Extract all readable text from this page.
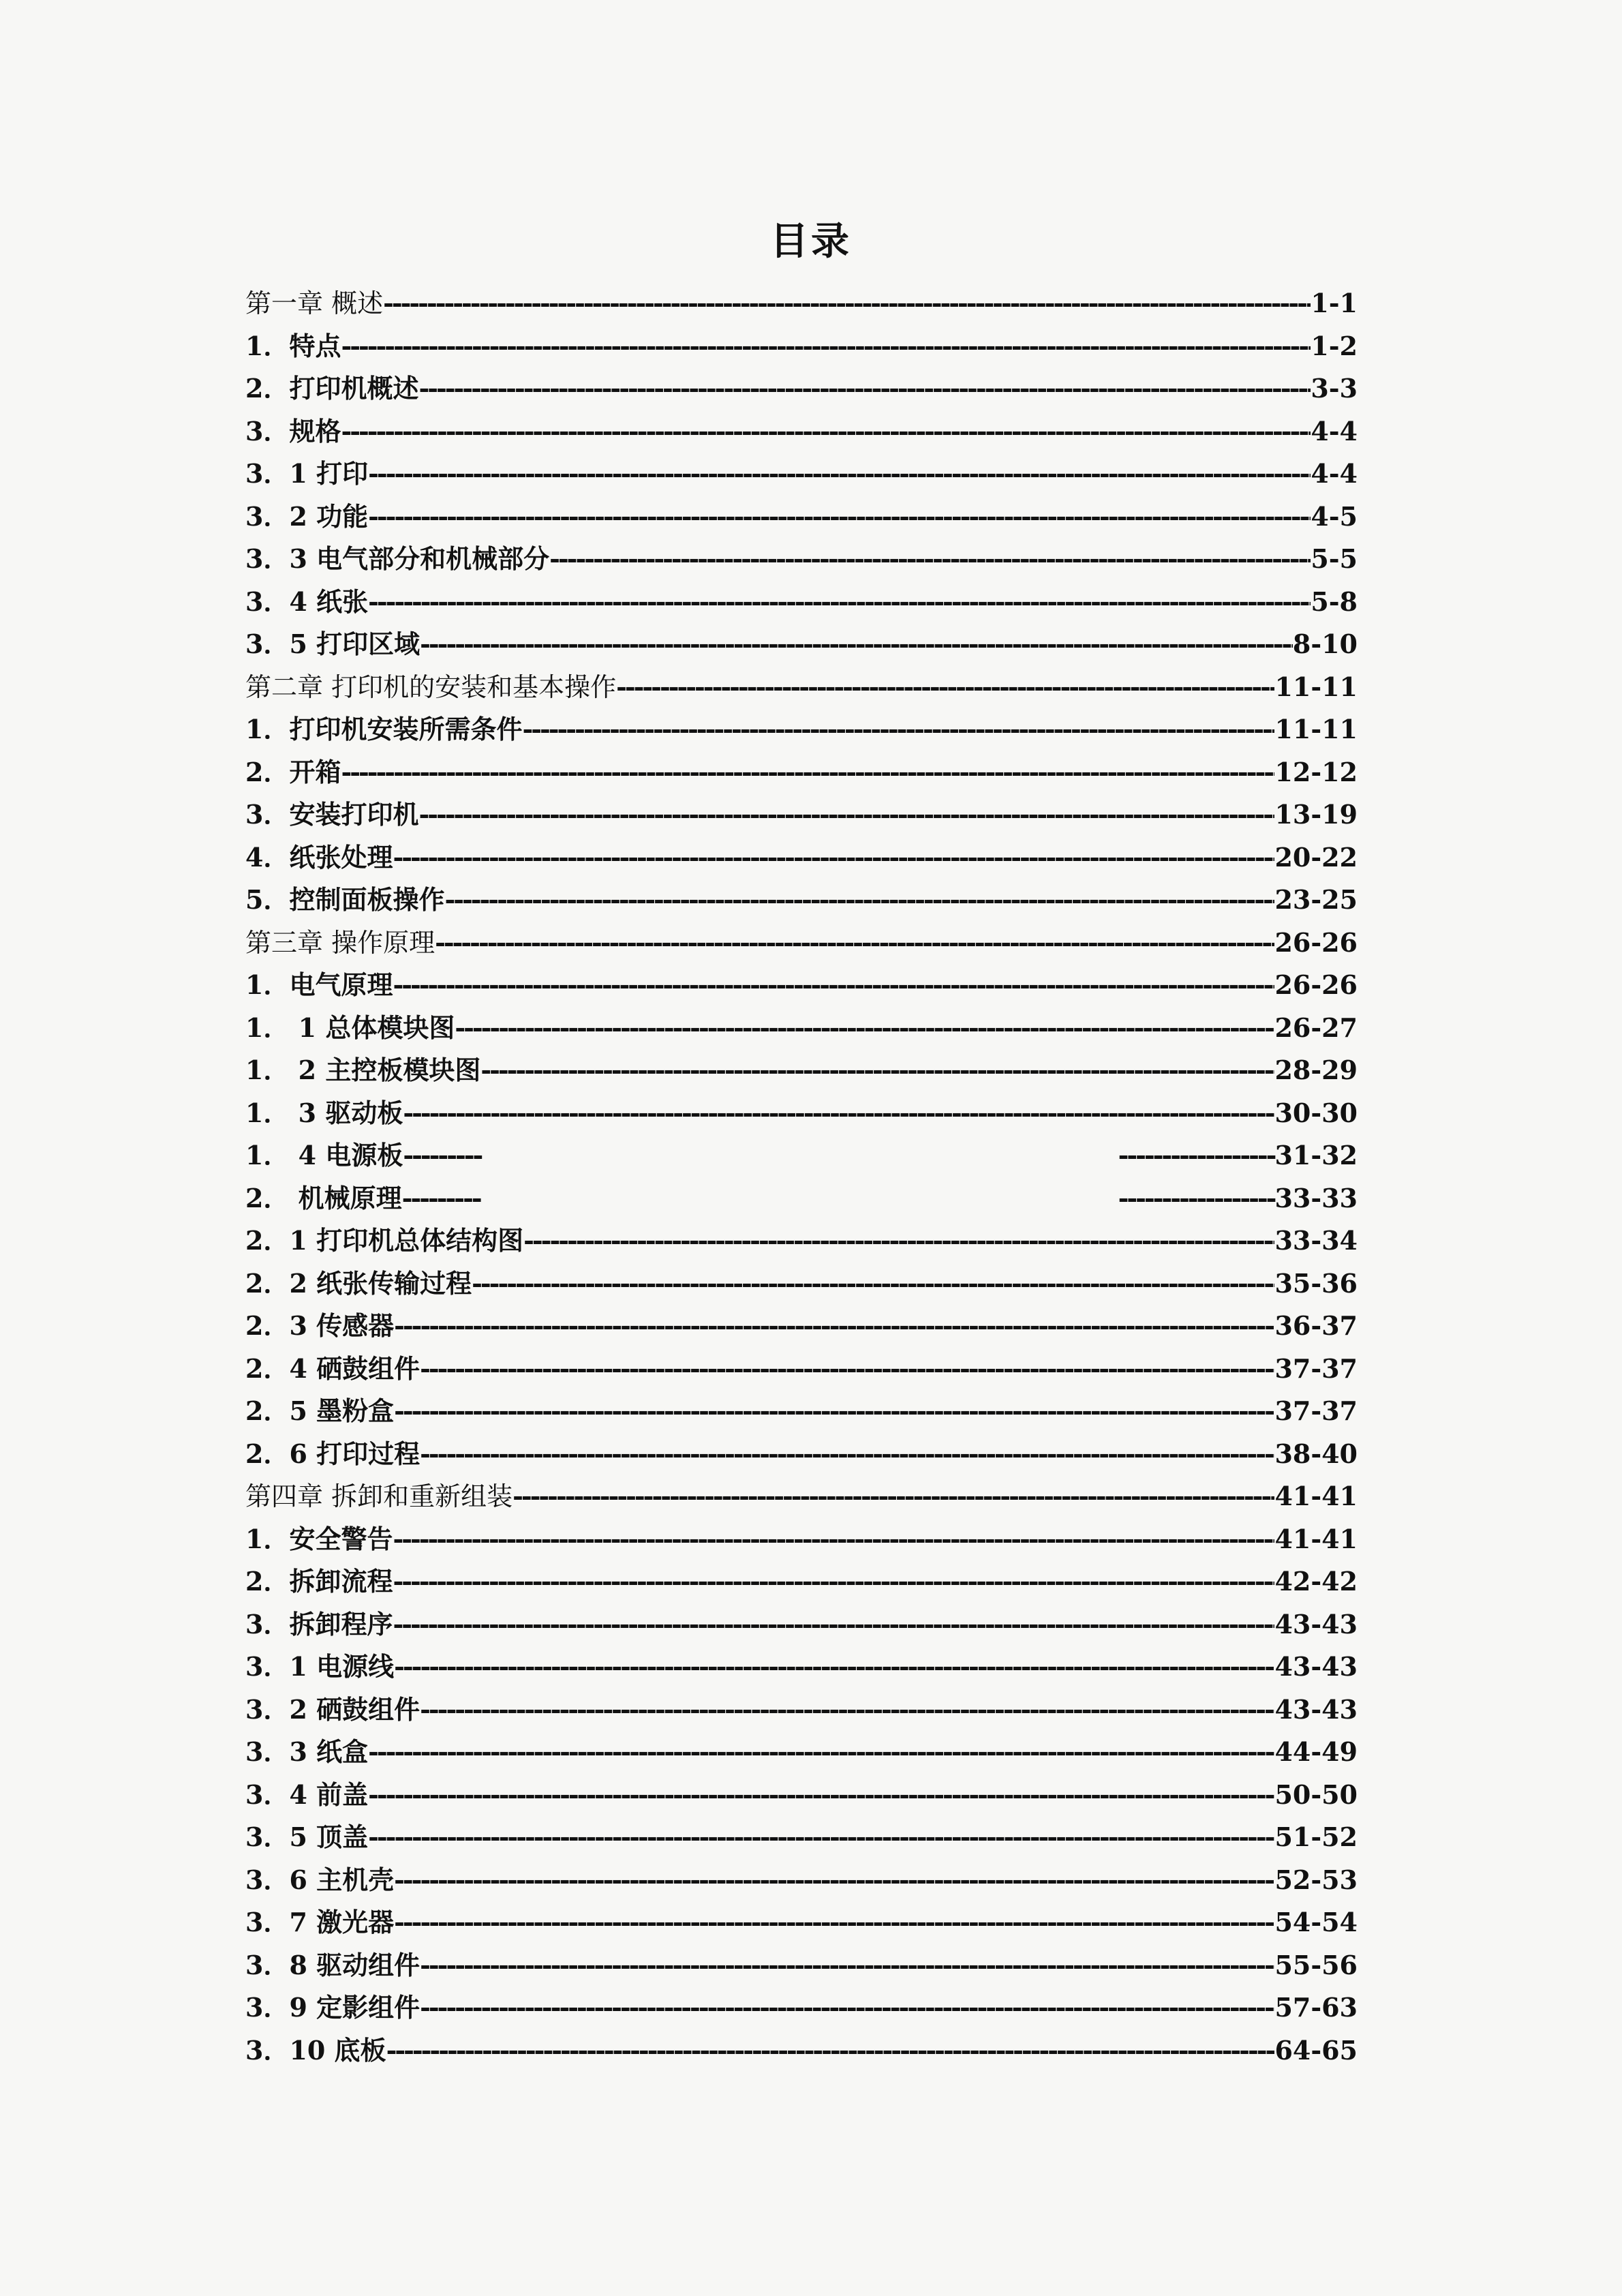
目录
第一章 概述 -----	1-1
1．特点 -----	1-2
2．打印机概述 -----	3-3
3．规格 -----	4-4
3．1 打印 -----	4-4
3．2 功能 -----	4-5
3．3 电气部分和机械部分 -----	5-5
3．4 纸张 -----	5-8
3．5 打印区域 -----	8-10
第二章 打印机的安装和基本操作 -----	11-11
1．打印机安装所需条件 -----	11-11
2．开箱 -----	12-12
3．安装打印机 -----	13-19
4．纸张处理 -----	20-22
5．控制面板操作 -----	23-25
第三章 操作原理 -----	26-26
1．电气原理 -----	26-26
1． 1 总体模块图 -----	26-27
1． 2 主控板模块图 -----	28-29
1． 3 驱动板 -----	30-30
1． 4 电源板 ---------	------------------ 31-32
2． 机械原理 ---------	------------------ 33-33
2．1 打印机总体结构图 -----	33-34
2．2 纸张传输过程 -----	35-36
2．3 传感器 -----	36-37
2．4 硒鼓组件 -----	37-37
2．5 墨粉盒 -----	37-37
2．6 打印过程 -----	38-40
第四章 拆卸和重新组装 -----	41-41
1．安全警告 -----	41-41
2．拆卸流程 -----	42-42
3．拆卸程序 -----	43-43
3．1 电源线 -----	43-43
3．2 硒鼓组件 -----	43-43
3．3 纸盒 -----	44-49
3．4 前盖 -----	50-50
3．5 顶盖 -----	51-52
3．6 主机壳 -----	52-53
3．7 激光器 -----	54-54
3．8 驱动组件 -----	55-56
3．9 定影组件 -----	57-63
3．10 底板 -----	64-65
